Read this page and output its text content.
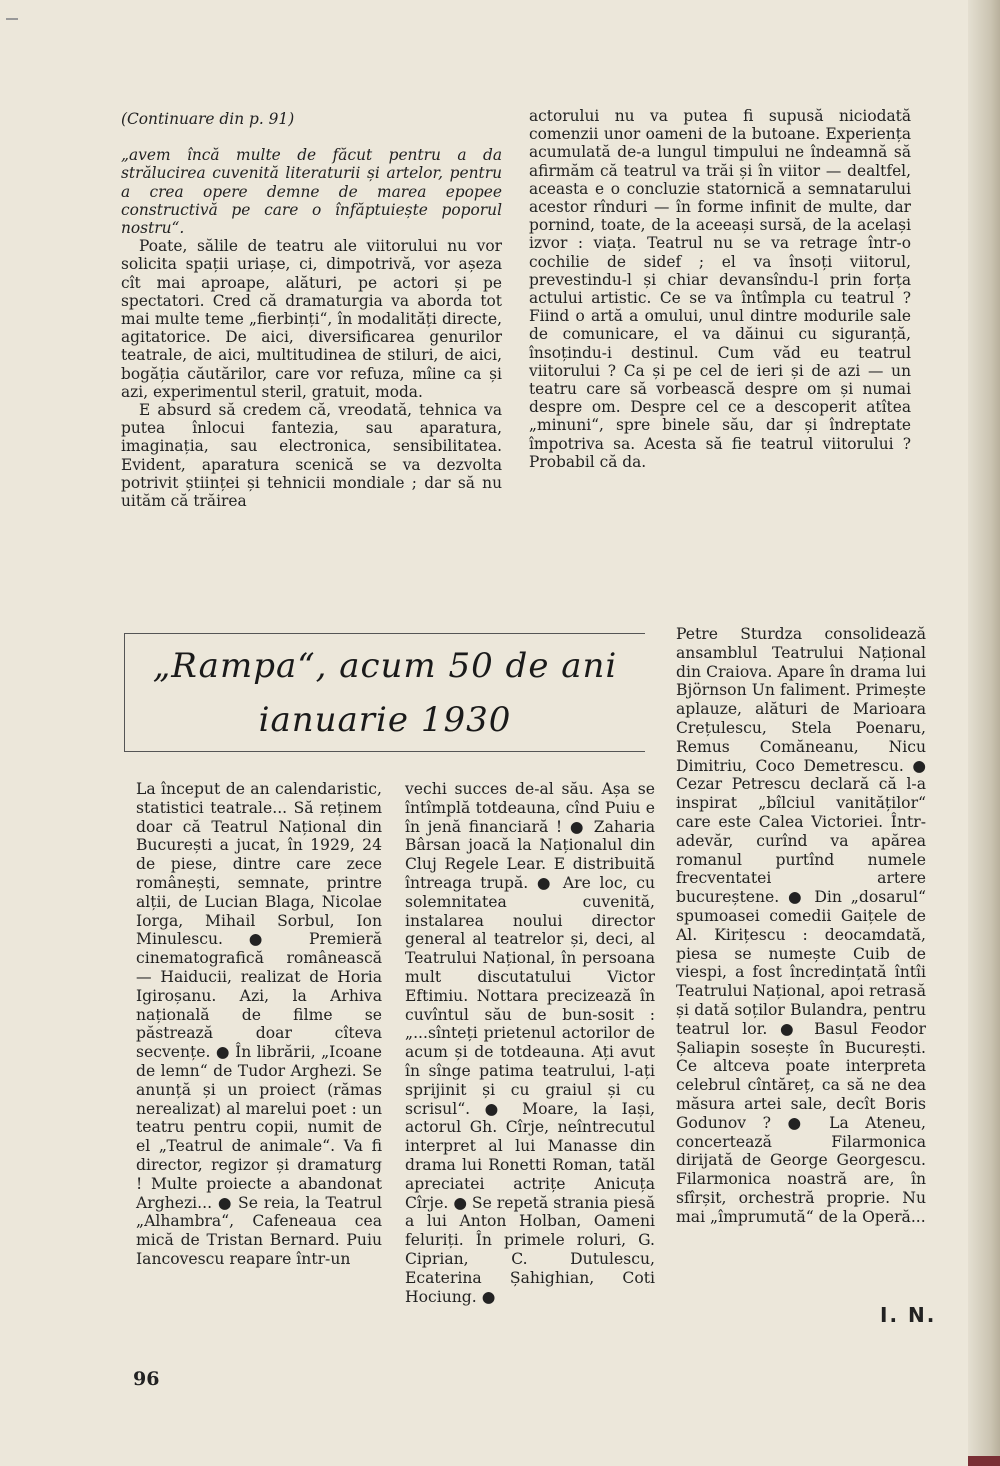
(Continuare din p. 91)

„avem încă multe de făcut pentru a da strălucirea cuvenită literaturii și artelor, pentru a crea opere demne de marea epopee constructivă pe care o înfăptuiește poporul nostru“.

Poate, sălile de teatru ale viitorului nu vor solicita spații uriașe, ci, dimpotrivă, vor așeza cît mai aproape, alături, pe actori și pe spectatori. Cred că dramaturgia va aborda tot mai multe teme „fierbinți“, în modalități directe, agitatorice. De aici, diversificarea genurilor teatrale, de aici, multitudinea de stiluri, de aici, bogăția căutărilor, care vor refuza, mîine ca și azi, experimentul steril, gratuit, moda.

E absurd să credem că, vreodată, tehnica va putea înlocui fantezia, sau aparatura, imaginația, sau electronica, sensibilitatea. Evident, aparatura scenică se va dezvolta potrivit științei și tehnicii mondiale ; dar să nu uităm că trăirea

actorului nu va putea fi supusă niciodată comenzii unor oameni de la butoane. Experiența acumulată de-a lungul timpului ne îndeamnă să afirmăm că teatrul va trăi și în viitor — dealtfel, aceasta e o concluzie statornică a semnatarului acestor rînduri — în forme infinit de multe, dar pornind, toate, de la aceeași sursă, de la același izvor : viața. Teatrul nu se va retrage într-o cochilie de sidef ; el va însoți viitorul, prevestindu-l și chiar devansîndu-l prin forța actului artistic. Ce se va întîmpla cu teatrul ? Fiind o artă a omului, unul dintre modurile sale de comunicare, el va dăinui cu siguranță, însoțindu-i destinul. Cum văd eu teatrul viitorului ? Ca și pe cel de ieri și de azi — un teatru care să vorbească despre om și numai despre om. Despre cel ce a descoperit atîtea „minuni“, spre binele său, dar și îndreptate împotriva sa. Acesta să fie teatrul viitorului ? Probabil că da.

„Rampa“, acum 50 de ani
ianuarie 1930

La început de an calendaristic, statistici teatrale... Să reținem doar că Teatrul Național din București a jucat, în 1929, 24 de piese, dintre care zece românești, semnate, printre alții, de Lucian Blaga, Nicolae Iorga, Mihail Sorbul, Ion Minulescu. ● Premieră cinematografică românească — Haiducii, realizat de Horia Igiroșanu. Azi, la Arhiva națională de filme se păstrează doar cîteva secvențe. ● În librării, „Icoane de lemn“ de Tudor Arghezi. Se anunță și un proiect (rămas nerealizat) al marelui poet : un teatru pentru copii, numit de el „Teatrul de animale“. Va fi director, regizor și dramaturg ! Multe proiecte a abandonat Arghezi... ● Se reia, la Teatrul „Alhambra“, Cafeneaua cea mică de Tristan Bernard. Puiu Iancovescu reapare într-un

vechi succes de-al său. Așa se întîmplă totdeauna, cînd Puiu e în jenă financiară ! ● Zaharia Bârsan joacă la Naționalul din Cluj Regele Lear. E distribuită întreaga trupă. ● Are loc, cu solemnitatea cuvenită, instalarea noului director general al teatrelor și, deci, al Teatrului Național, în persoana mult discutatului Victor Eftimiu. Nottara precizează în cuvîntul său de bun-sosit : „...sînteți prietenul actorilor de acum și de totdeauna. Ați avut în sînge patima teatrului, l-ați sprijinit și cu graiul și cu scrisul“. ● Moare, la Iași, actorul Gh. Cîrje, neîntrecutul interpret al lui Manasse din drama lui Ronetti Roman, tatăl apreciatei actrițe Anicuța Cîrje. ● Se repetă strania piesă a lui Anton Holban, Oameni feluriți. În primele roluri, G. Ciprian, C. Dutulescu, Ecaterina Șahighian, Coti Hociung. ●

Petre Sturdza consolidează ansamblul Teatrului Național din Craiova. Apare în drama lui Björnson Un faliment. Primește aplauze, alături de Marioara Crețulescu, Stela Poenaru, Remus Comăneanu, Nicu Dimitriu, Coco Demetrescu. ● Cezar Petrescu declară că l-a inspirat „bîlciul vanităților“ care este Calea Victoriei. Într-adevăr, curînd va apărea romanul purtînd numele frecventatei artere bucureștene. ● Din „dosarul“ spumoasei comedii Gaițele de Al. Kirițescu : deocamdată, piesa se numește Cuib de viespi, a fost încredințată întîi Teatrului Național, apoi retrasă și dată soților Bulandra, pentru teatrul lor. ● Basul Feodor Șaliapin sosește în București. Ce altceva poate interpreta celebrul cîntăreț, ca să ne dea măsura artei sale, decît Boris Godunov ? ● La Ateneu, concertează Filarmonica dirijată de George Georgescu. Filarmonica noastră are, în sfîrșit, orchestră proprie. Nu mai „împrumută“ de la Operă...

I. N.
96
